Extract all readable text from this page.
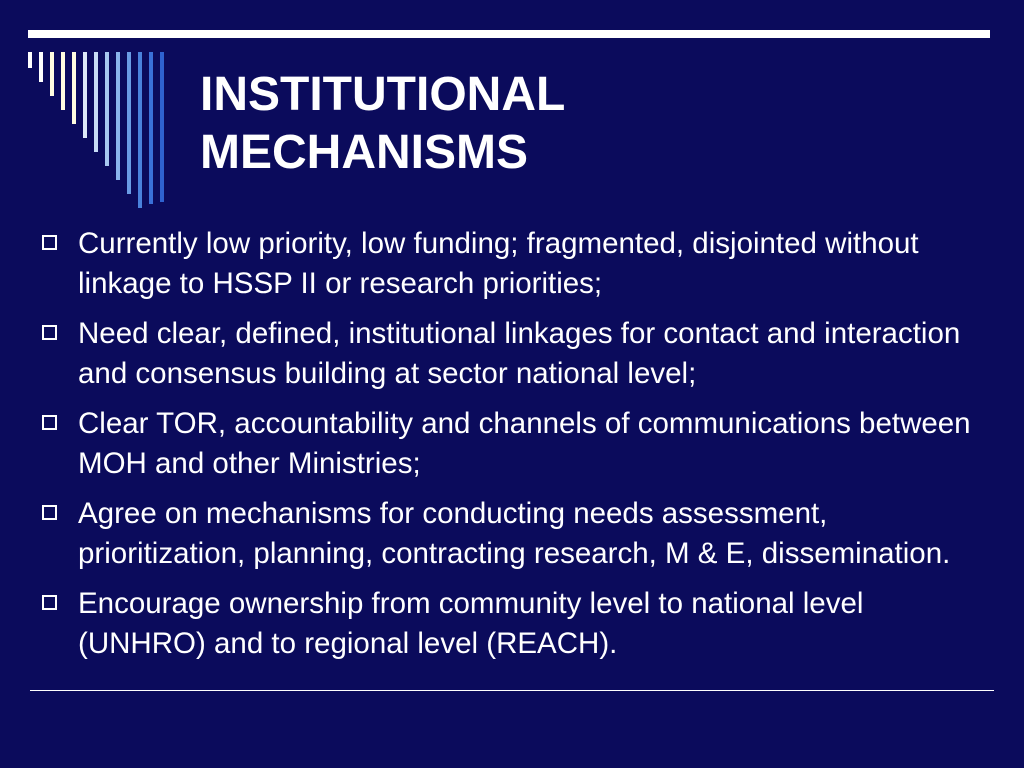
INSTITUTIONAL
MECHANISMS
Currently low priority, low funding; fragmented, disjointed without linkage to HSSP II or research priorities;
Need clear, defined, institutional linkages for contact and interaction and consensus building at sector national level;
Clear TOR, accountability and channels of communications between MOH and other Ministries;
Agree on mechanisms for conducting needs assessment, prioritization, planning, contracting research, M & E, dissemination.
Encourage ownership from community level to national level (UNHRO) and to regional level (REACH).
